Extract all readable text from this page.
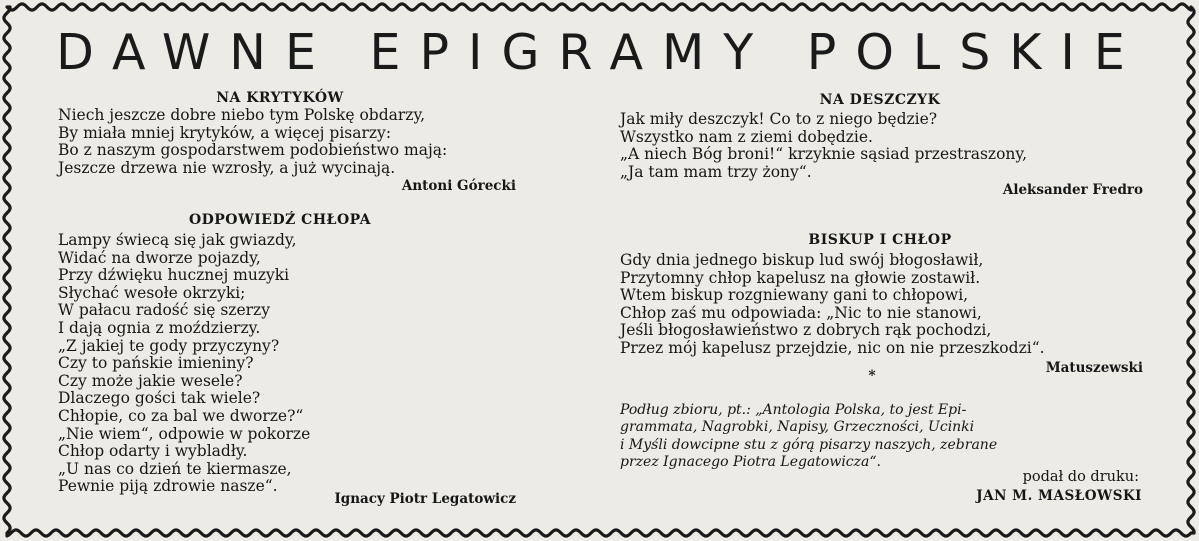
DAWNE EPIGRAMY POLSKIE
NA KRYTYKÓW
Niech jeszcze dobre niebo tym Polskę obdarzy,
By miała mniej krytyków, a więcej pisarzy:
Bo z naszym gospodarstwem podobieństwo mają:
Jeszcze drzewa nie wzrosły, a już wycinają.
Antoni Górecki
ODPOWIEDŹ CHŁOPA
Lampy świecą się jak gwiazdy,
Widać na dworze pojazdy,
Przy dźwięku hucznej muzyki
Słychać wesołe okrzyki;
W pałacu radość się szerzy
I dają ognia z moździerzy.
„Z jakiej te gody przyczyny?
Czy to pańskie imieniny?
Czy może jakie wesele?
Dlaczego gości tak wiele?
Chłopie, co za bal we dworze?“
„Nie wiem“, odpowie w pokorze
Chłop odarty i wybladły.
„U nas co dzień te kiermasze,
Pewnie piją zdrowie nasze“.
Ignacy Piotr Legatowicz
NA DESZCZYK
Jak miły deszczyk! Co to z niego będzie?
Wszystko nam z ziemi dobędzie.
„A niech Bóg broni!“ krzyknie sąsiad przestraszony,
„Ja tam mam trzy żony“.
Aleksander Fredro
BISKUP I CHŁOP
Gdy dnia jednego biskup lud swój błogosławił,
Przytomny chłop kapelusz na głowie zostawił.
Wtem biskup rozgniewany gani to chłopowi,
Chłop zaś mu odpowiada: „Nic to nie stanowi,
Jeśli błogosławieństwo z dobrych rąk pochodzi,
Przez mój kapelusz przejdzie, nic on nie przeszkodzi“.
Matuszewski
*
Podług zbioru, pt.: „Antologia Polska, to jest Epi-
grammata, Nagrobki, Napisy, Grzeczności, Ucinki
i Myśli dowcipne stu z górą pisarzy naszych, zebrane
przez Ignacego Piotra Legatowicza“.
podał do druku:
JAN M. MASŁOWSKI
